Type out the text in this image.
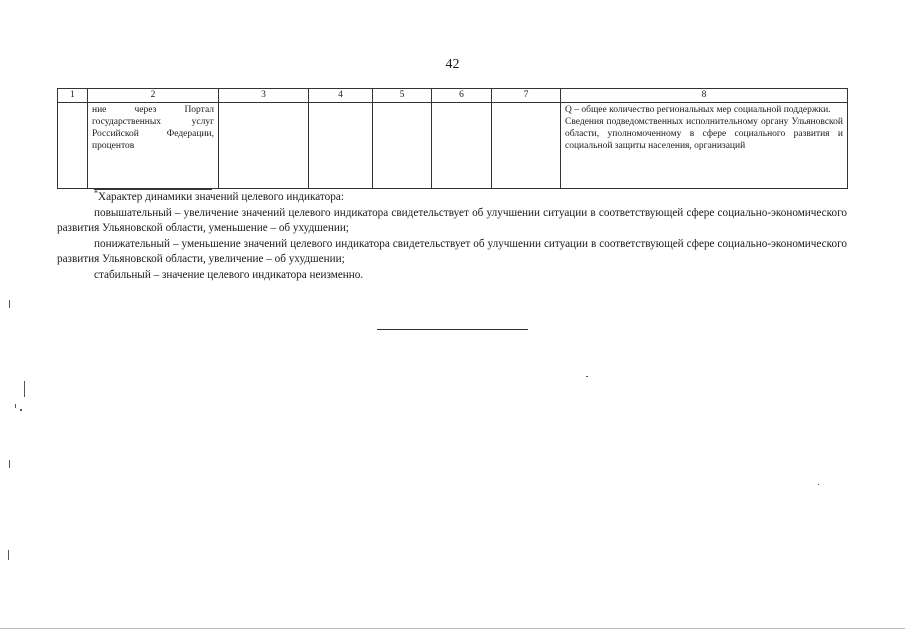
42
1	2	3	4	5	6	7	8
	ние через Портал государственных услуг Российской Федерации, процентов						Q – общее количество региональных мер социальной поддержки.
Сведения подведомственных исполнительному органу Ульяновской области, уполномоченному в сфере социального развития и социальной защиты населения, организаций

*Характер динамики значений целевого индикатора:

повышательный – увеличение значений целевого индикатора свидетельствует об улучшении ситуации в соответствующей сфере социально-экономического развития Ульяновской области, уменьшение – об ухудшении;

понижательный – уменьшение значений целевого индикатора свидетельствует об улучшении ситуации в соответствующей сфере социально-экономического развития Ульяновской области, увеличение – об ухудшении;

стабильный – значение целевого индикатора неизменно.
